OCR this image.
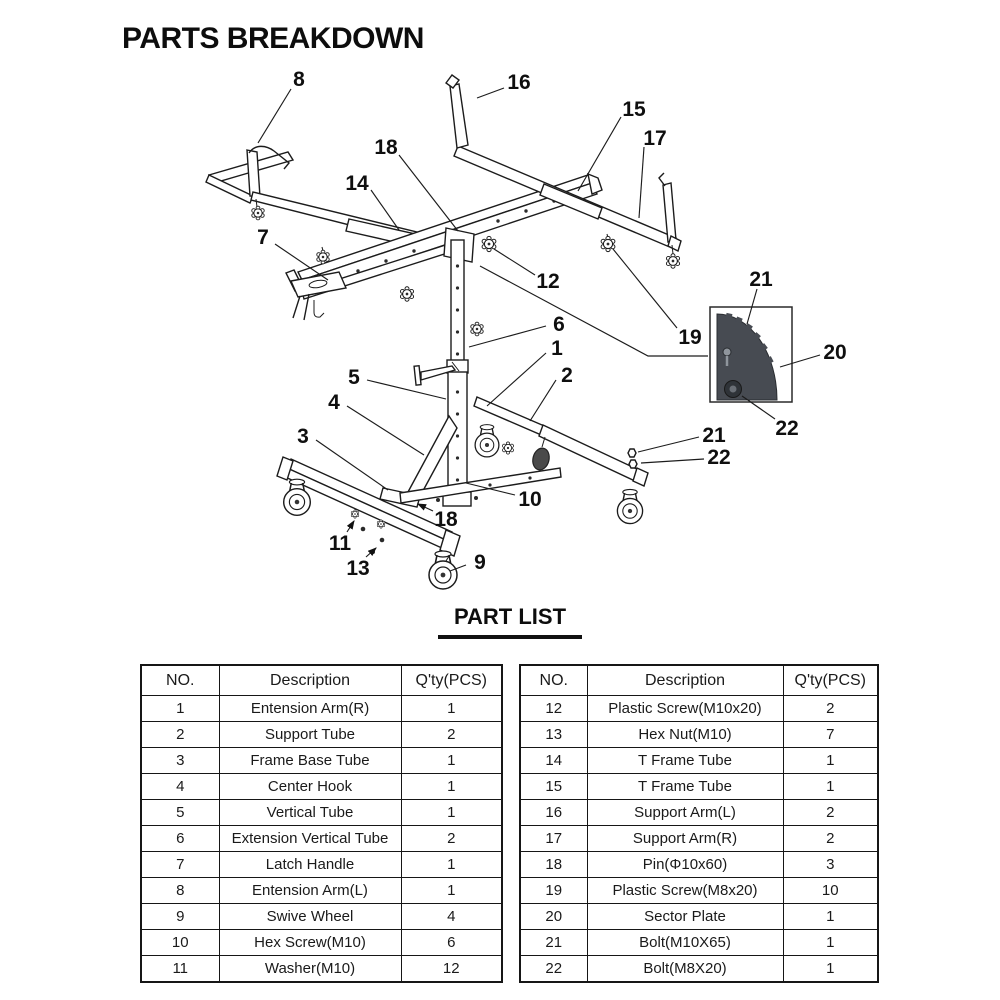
PARTS BREAKDOWN
8	16
15
17
18
14
7
12
19
21
20
22
6
1
2
5
4
3	21
22
10
18
11
13	9
PART LIST
NO.	Description	Q'ty(PCS)
1	Entension Arm(R)	1
2	Support Tube	2
3	Frame Base Tube	1
4	Center Hook	1
5	Vertical Tube	1
6	Extension Vertical Tube	2
7	Latch Handle	1
8	Entension Arm(L)	1
9	Swive Wheel	4
10	Hex Screw(M10)	6
11	Washer(M10)	12
NO.	Description	Q'ty(PCS)
12	Plastic Screw(M10x20)	2
13	Hex Nut(M10)	7
14	T Frame Tube	1
15	T Frame Tube	1
16	Support Arm(L)	2
17	Support Arm(R)	2
18	Pin(Φ10x60)	3
19	Plastic Screw(M8x20)	10
20	Sector Plate	1
21	Bolt(M10X65)	1
22	Bolt(M8X20)	1
